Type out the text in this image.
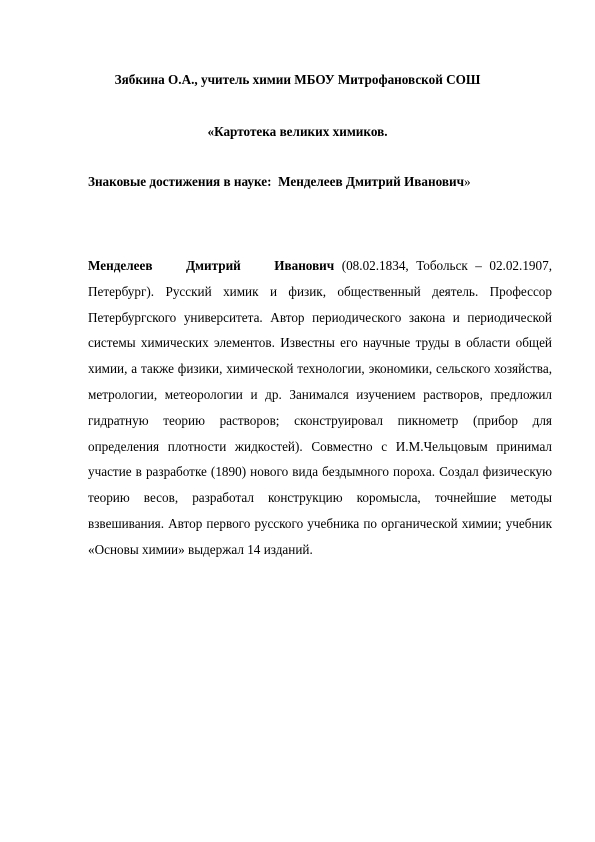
Зябкина О.А., учитель химии МБОУ Митрофановской СОШ
«Картотека великих химиков.
Знаковые достижения в науке: Менделеев Дмитрий Иванович»

Менделеев Дмитрий Иванович (08.02.1834, Тобольск – 02.02.1907, Петербург). Русский химик и физик, общественный деятель. Профессор Петербургского университета. Автор периодического закона и периодической системы химических элементов. Известны его научные труды в области общей химии, а также физики, химической технологии, экономики, сельского хозяйства, метрологии, метеорологии и др. Занимался изучением растворов, предложил гидратную теорию растворов; сконструировал пикнометр (прибор для определения плотности жидкостей). Совместно с И.М.Чельцовым принимал участие в разработке (1890) нового вида бездымного пороха. Создал физическую теорию весов, разработал конструкцию коромысла, точнейшие методы взвешивания. Автор первого русского учебника по органической химии; учебник «Основы химии» выдержал 14 изданий.
